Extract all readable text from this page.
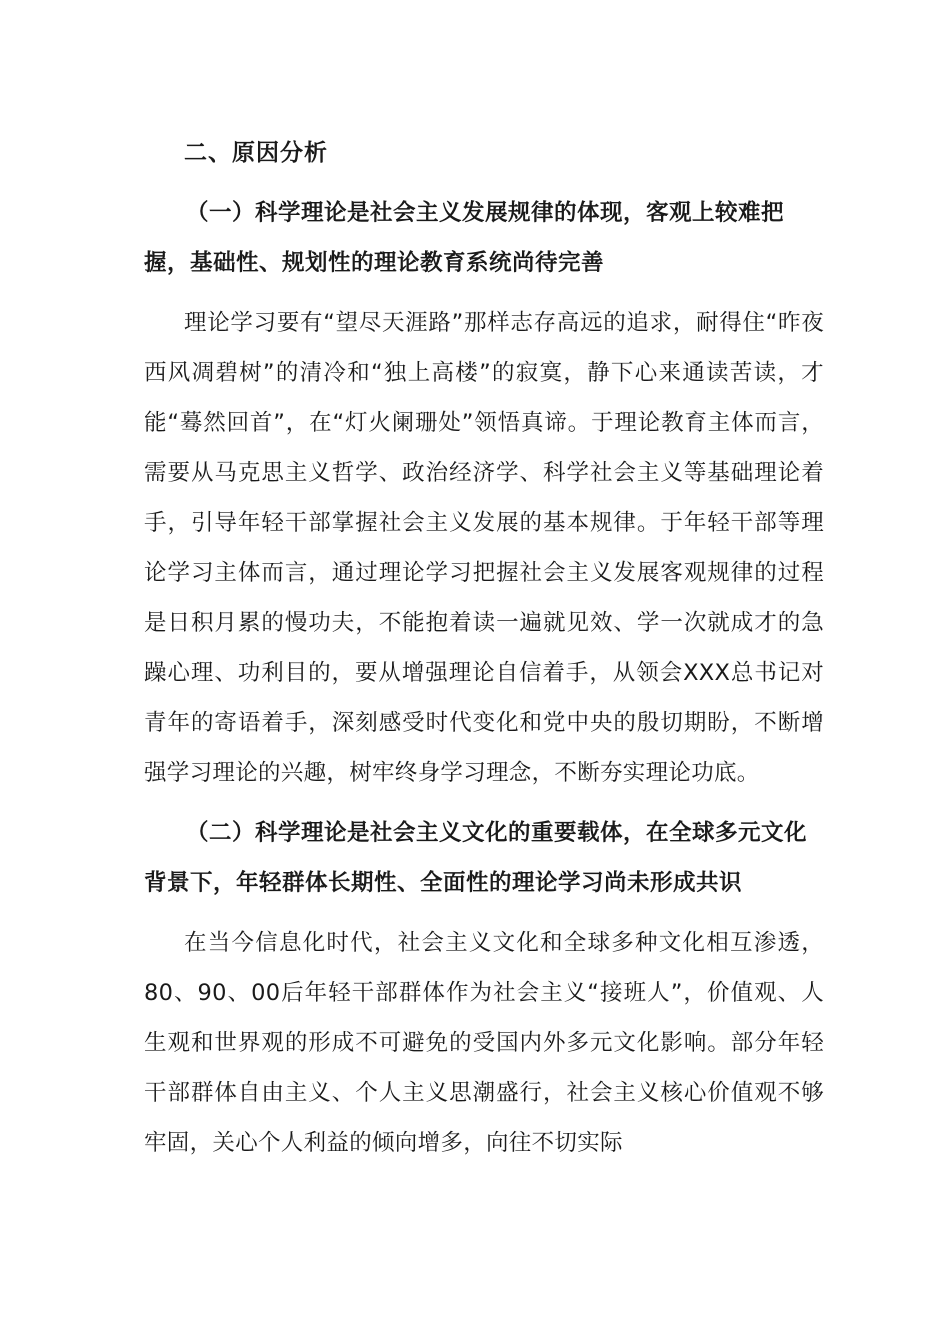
二、原因分析
（一）科学理论是社会主义发展规律的体现，客观上较难把握，基础性、规划性的理论教育系统尚待完善

理论学习要有“望尽天涯路”那样志存高远的追求，耐得住“昨夜西风凋碧树”的清冷和“独上高楼”的寂寞，静下心来通读苦读，才能“蓦然回首”，在“灯火阑珊处”领悟真谛。于理论教育主体而言，需要从马克思主义哲学、政治经济学、科学社会主义等基础理论着手，引导年轻干部掌握社会主义发展的基本规律。于年轻干部等理论学习主体而言，通过理论学习把握社会主义发展客观规律的过程是日积月累的慢功夫，不能抱着读一遍就见效、学一次就成才的急躁心理、功利目的，要从增强理论自信着手，从领会XXX总书记对青年的寄语着手，深刻感受时代变化和党中央的殷切期盼，不断增强学习理论的兴趣，树牢终身学习理念，不断夯实理论功底。

（二）科学理论是社会主义文化的重要载体，在全球多元文化背景下，年轻群体长期性、全面性的理论学习尚未形成共识

在当今信息化时代，社会主义文化和全球多种文化相互渗透，80、90、00后年轻干部群体作为社会主义“接班人”，价值观、人生观和世界观的形成不可避免的受国内外多元文化影响。部分年轻干部群体自由主义、个人主义思潮盛行，社会主义核心价值观不够牢固，关心个人利益的倾向增多，向往不切实际
